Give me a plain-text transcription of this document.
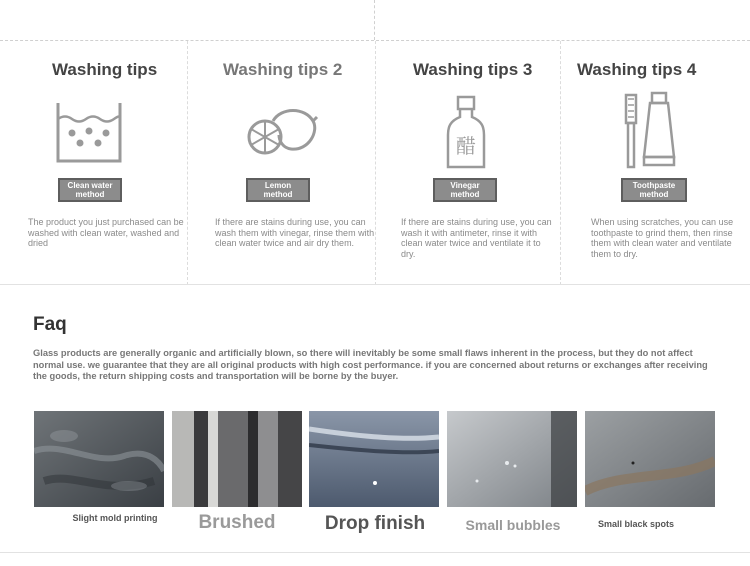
Washing tips
Clean water method
The product you just purchased can be washed with clean water, washed and dried
Washing tips 2
Lemon method
If there are stains during use, you can wash them with vinegar, rinse them with clean water twice and air dry them.
Washing tips 3
醋
Vinegar method
If there are stains during use, you can wash it with antimeter, rinse it with clean water twice and ventilate it to dry.
Washing tips 4
Toothpaste method
When using scratches, you can use toothpaste to grind them, then rinse them with clean water and ventilate them to dry.
Faq
Glass products are generally organic and artificially blown, so there will inevitably be some small flaws inherent in the process, but they do not affect normal use. we guarantee that they are all original products with high cost performance. if you are concerned about returns or exchanges after receiving the goods, the return shipping costs and transportation will be borne by the buyer.
Slight mold printing	Brushed	Drop finish	Small bubbles	Small black spots
